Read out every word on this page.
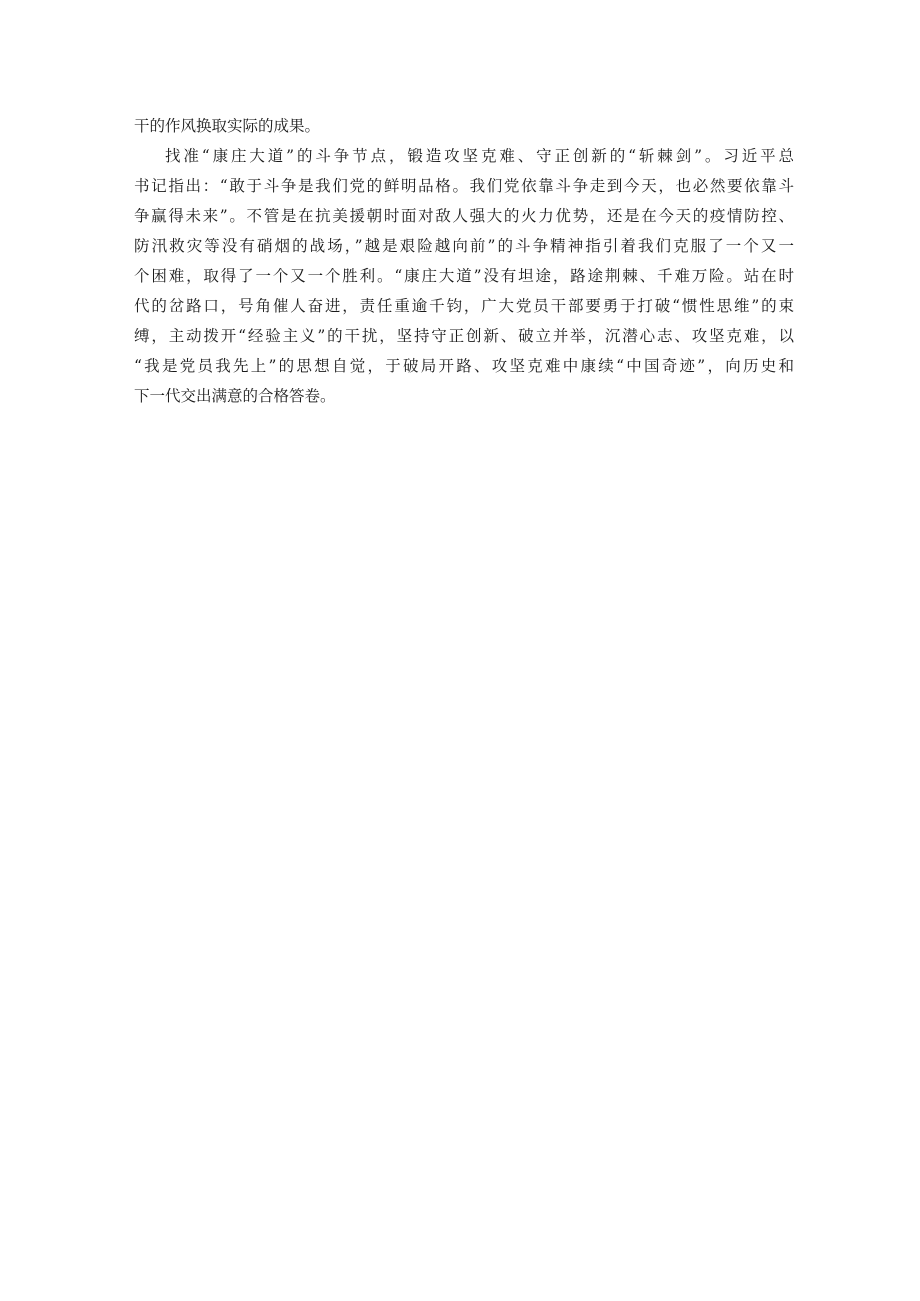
干的作风换取实际的成果。
找准“康庄大道”的斗争节点，锻造攻坚克难、守正创新的“斩棘剑”。习近平总
书记指出：“敢于斗争是我们党的鲜明品格。我们党依靠斗争走到今天，也必然要依靠斗
争赢得未来”。不管是在抗美援朝时面对敌人强大的火力优势，还是在今天的疫情防控、
防汛救灾等没有硝烟的战场，”越是艰险越向前”的斗争精神指引着我们克服了一个又一
个困难，取得了一个又一个胜利。“康庄大道”没有坦途，路途荆棘、千难万险。站在时
代的岔路口，号角催人奋进，责任重逾千钧，广大党员干部要勇于打破“惯性思维”的束
缚，主动拨开“经验主义”的干扰，坚持守正创新、破立并举，沉潜心志、攻坚克难，以
“我是党员我先上”的思想自觉，于破局开路、攻坚克难中康续“中国奇迹”，向历史和
下一代交出满意的合格答卷。
